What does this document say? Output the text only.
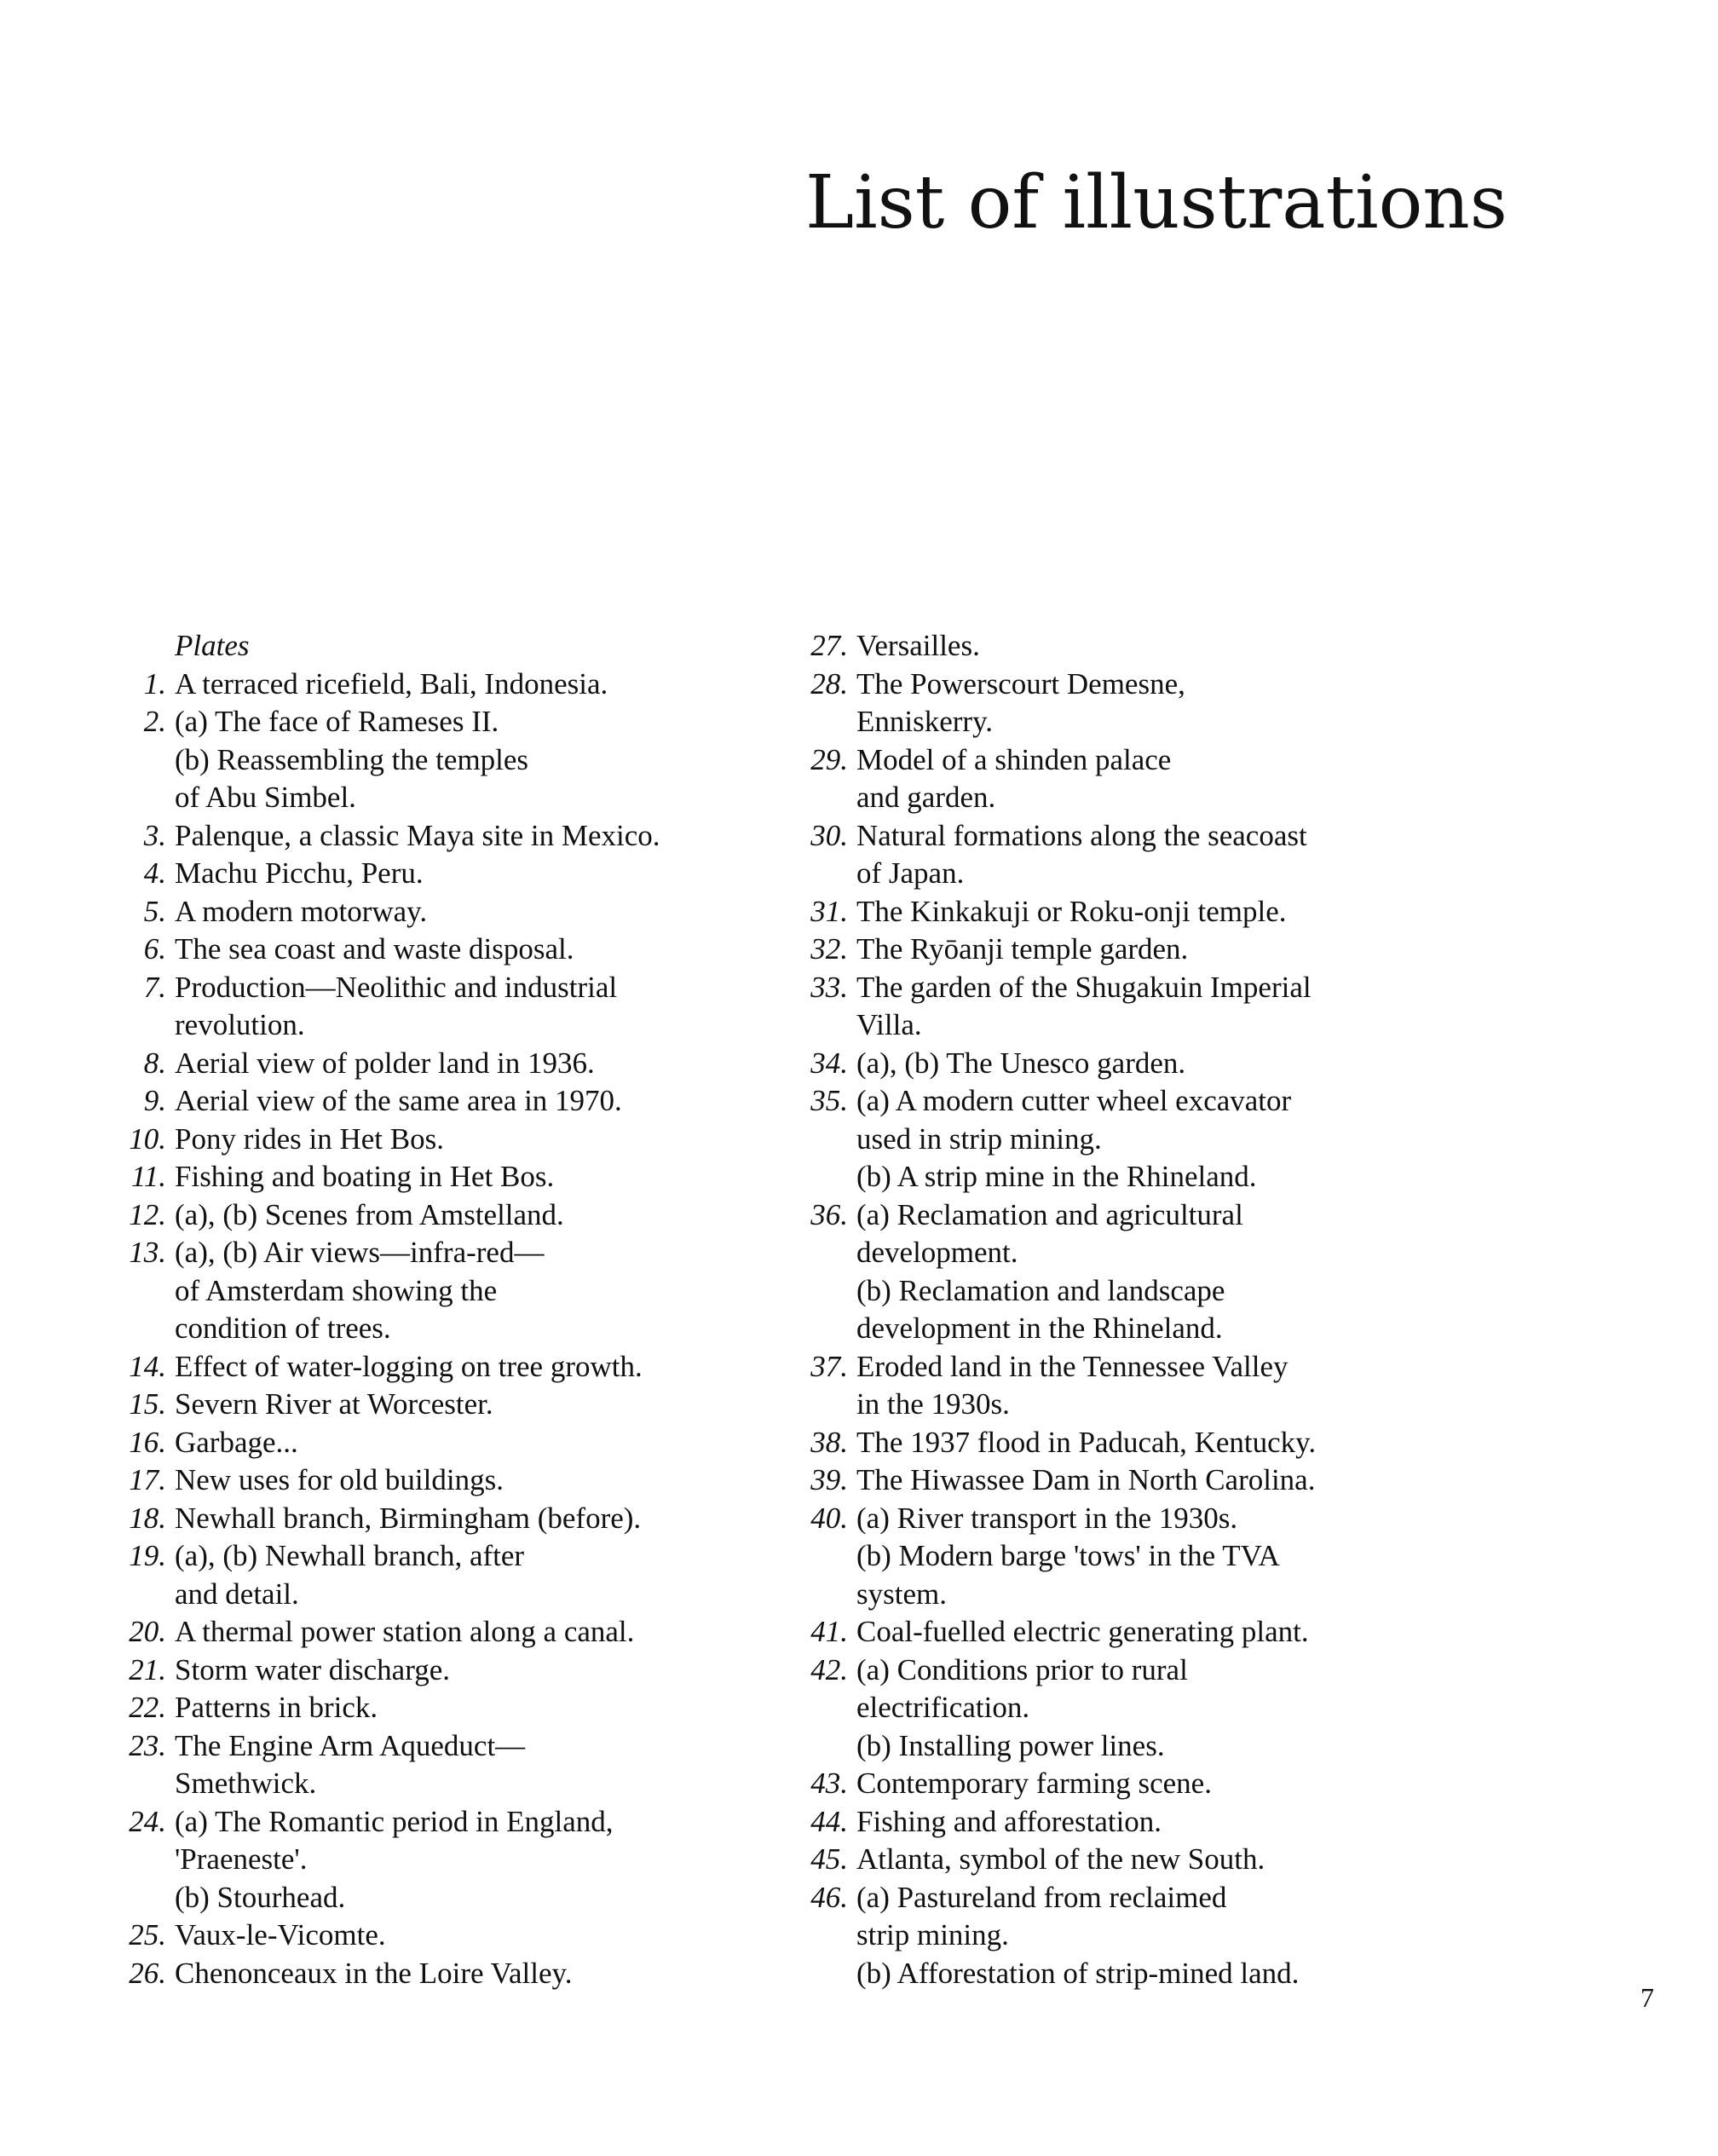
List of illustrations
Plates
1. A terraced ricefield, Bali, Indonesia.
2. (a) The face of Rameses II.
(b) Reassembling the temples
of Abu Simbel.
3. Palenque, a classic Maya site in Mexico.
4. Machu Picchu, Peru.
5. A modern motorway.
6. The sea coast and waste disposal.
7. Production—Neolithic and industrial
revolution.
8. Aerial view of polder land in 1936.
9. Aerial view of the same area in 1970.
10. Pony rides in Het Bos.
11. Fishing and boating in Het Bos.
12. (a), (b) Scenes from Amstelland.
13. (a), (b) Air views—infra-red—
of Amsterdam showing the
condition of trees.
14. Effect of water-logging on tree growth.
15. Severn River at Worcester.
16. Garbage...
17. New uses for old buildings.
18. Newhall branch, Birmingham (before).
19. (a), (b) Newhall branch, after
and detail.
20. A thermal power station along a canal.
21. Storm water discharge.
22. Patterns in brick.
23. The Engine Arm Aqueduct—
Smethwick.
24. (a) The Romantic period in England,
'Praeneste'.
(b) Stourhead.
25. Vaux-le-Vicomte.
26. Chenonceaux in the Loire Valley.
27. Versailles.
28. The Powerscourt Demesne,
Enniskerry.
29. Model of a shinden palace
and garden.
30. Natural formations along the seacoast
of Japan.
31. The Kinkakuji or Roku-onji temple.
32. The Ryōanji temple garden.
33. The garden of the Shugakuin Imperial
Villa.
34. (a), (b) The Unesco garden.
35. (a) A modern cutter wheel excavator
used in strip mining.
(b) A strip mine in the Rhineland.
36. (a) Reclamation and agricultural
development.
(b) Reclamation and landscape
development in the Rhineland.
37. Eroded land in the Tennessee Valley
in the 1930s.
38. The 1937 flood in Paducah, Kentucky.
39. The Hiwassee Dam in North Carolina.
40. (a) River transport in the 1930s.
(b) Modern barge 'tows' in the TVA
system.
41. Coal-fuelled electric generating plant.
42. (a) Conditions prior to rural
electrification.
(b) Installing power lines.
43. Contemporary farming scene.
44. Fishing and afforestation.
45. Atlanta, symbol of the new South.
46. (a) Pastureland from reclaimed
strip mining.
(b) Afforestation of strip-mined land.
7
